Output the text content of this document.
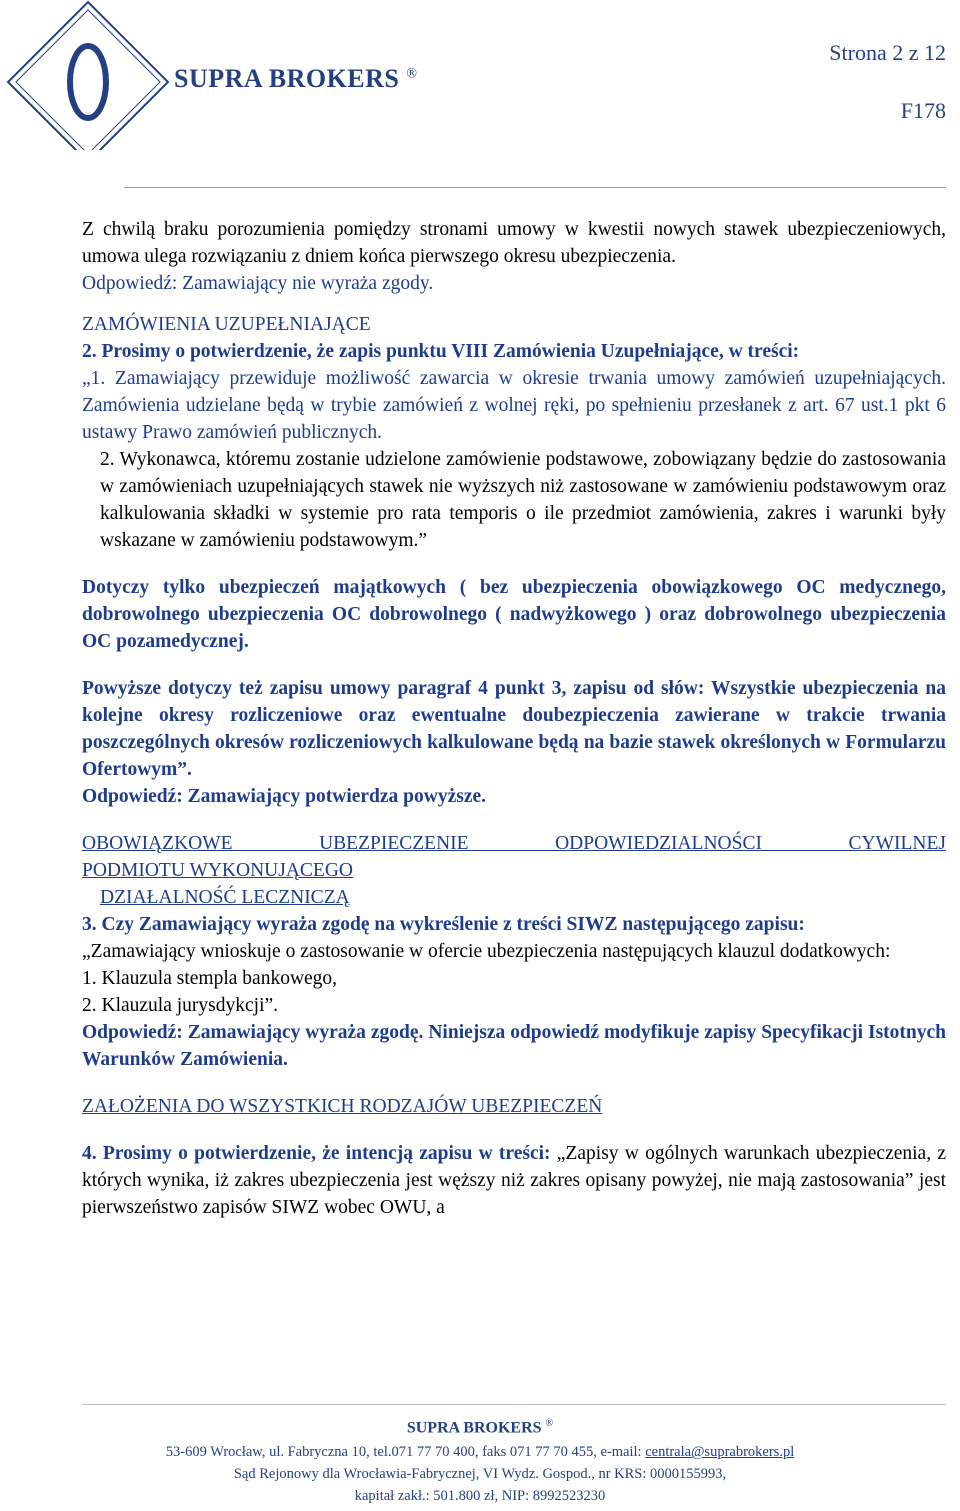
SUPRA BROKERS ®
Strona 2 z 12
F178

Z chwilą braku porozumienia pomiędzy stronami umowy w kwestii nowych stawek ubezpieczeniowych, umowa ulega rozwiązaniu z dniem końca pierwszego okresu ubezpieczenia.

Odpowiedź: Zamawiający nie wyraża zgody.

ZAMÓWIENIA UZUPEŁNIAJĄCE

2. Prosimy o potwierdzenie, że zapis punktu VIII Zamówienia Uzupełniające, w treści:

„1. Zamawiający przewiduje możliwość zawarcia w okresie trwania umowy zamówień uzupełniających. Zamówienia udzielane będą w trybie zamówień z wolnej ręki, po spełnieniu przesłanek z art. 67 ust.1 pkt 6 ustawy Prawo zamówień publicznych.

2. Wykonawca, któremu zostanie udzielone zamówienie podstawowe, zobowiązany będzie do zastosowania w zamówieniach uzupełniających stawek nie wyższych niż zastosowane w zamówieniu podstawowym oraz kalkulowania składki w systemie pro rata temporis o ile przedmiot zamówienia, zakres i warunki były wskazane w zamówieniu podstawowym.”

Dotyczy tylko ubezpieczeń majątkowych ( bez ubezpieczenia obowiązkowego OC medycznego, dobrowolnego ubezpieczenia OC dobrowolnego ( nadwyżkowego ) oraz dobrowolnego ubezpieczenia OC pozamedycznej.

Powyższe dotyczy też zapisu umowy paragraf 4 punkt 3, zapisu od słów: Wszystkie ubezpieczenia na kolejne okresy rozliczeniowe oraz ewentualne doubezpieczenia zawierane w trakcie trwania poszczególnych okresów rozliczeniowych kalkulowane będą na bazie stawek określonych w Formularzu Ofertowym”.

Odpowiedź: Zamawiający potwierdza powyższe.

OBOWIĄZKOWE UBEZPIECZENIE ODPOWIEDZIALNOŚCI CYWILNEJ

PODMIOTU WYKONUJĄCEGO

DZIAŁALNOŚĆ LECZNICZĄ

3. Czy Zamawiający wyraża zgodę na wykreślenie z treści SIWZ następującego zapisu:

„Zamawiający wnioskuje o zastosowanie w ofercie ubezpieczenia następujących klauzul dodatkowych:

1. Klauzula stempla bankowego,

2. Klauzula jurysdykcji”.

Odpowiedź: Zamawiający wyraża zgodę. Niniejsza odpowiedź modyfikuje zapisy Specyfikacji Istotnych Warunków Zamówienia.

ZAŁOŻENIA DO WSZYSTKICH RODZAJÓW UBEZPIECZEŃ

4. Prosimy o potwierdzenie, że intencją zapisu w treści: „Zapisy w ogólnych warunkach ubezpieczenia, z których wynika, iż zakres ubezpieczenia jest węższy niż zakres opisany powyżej, nie mają zastosowania” jest pierwszeństwo zapisów SIWZ wobec OWU, a

SUPRA BROKERS ®
53-609 Wrocław, ul. Fabryczna 10, tel.071 77 70 400, faks 071 77 70 455, e-mail: centrala@suprabrokers.pl
Sąd Rejonowy dla Wrocławia-Fabrycznej, VI Wydz. Gospod., nr KRS: 0000155993,
kapitał zakł.: 501.800 zł, NIP: 8992523230
